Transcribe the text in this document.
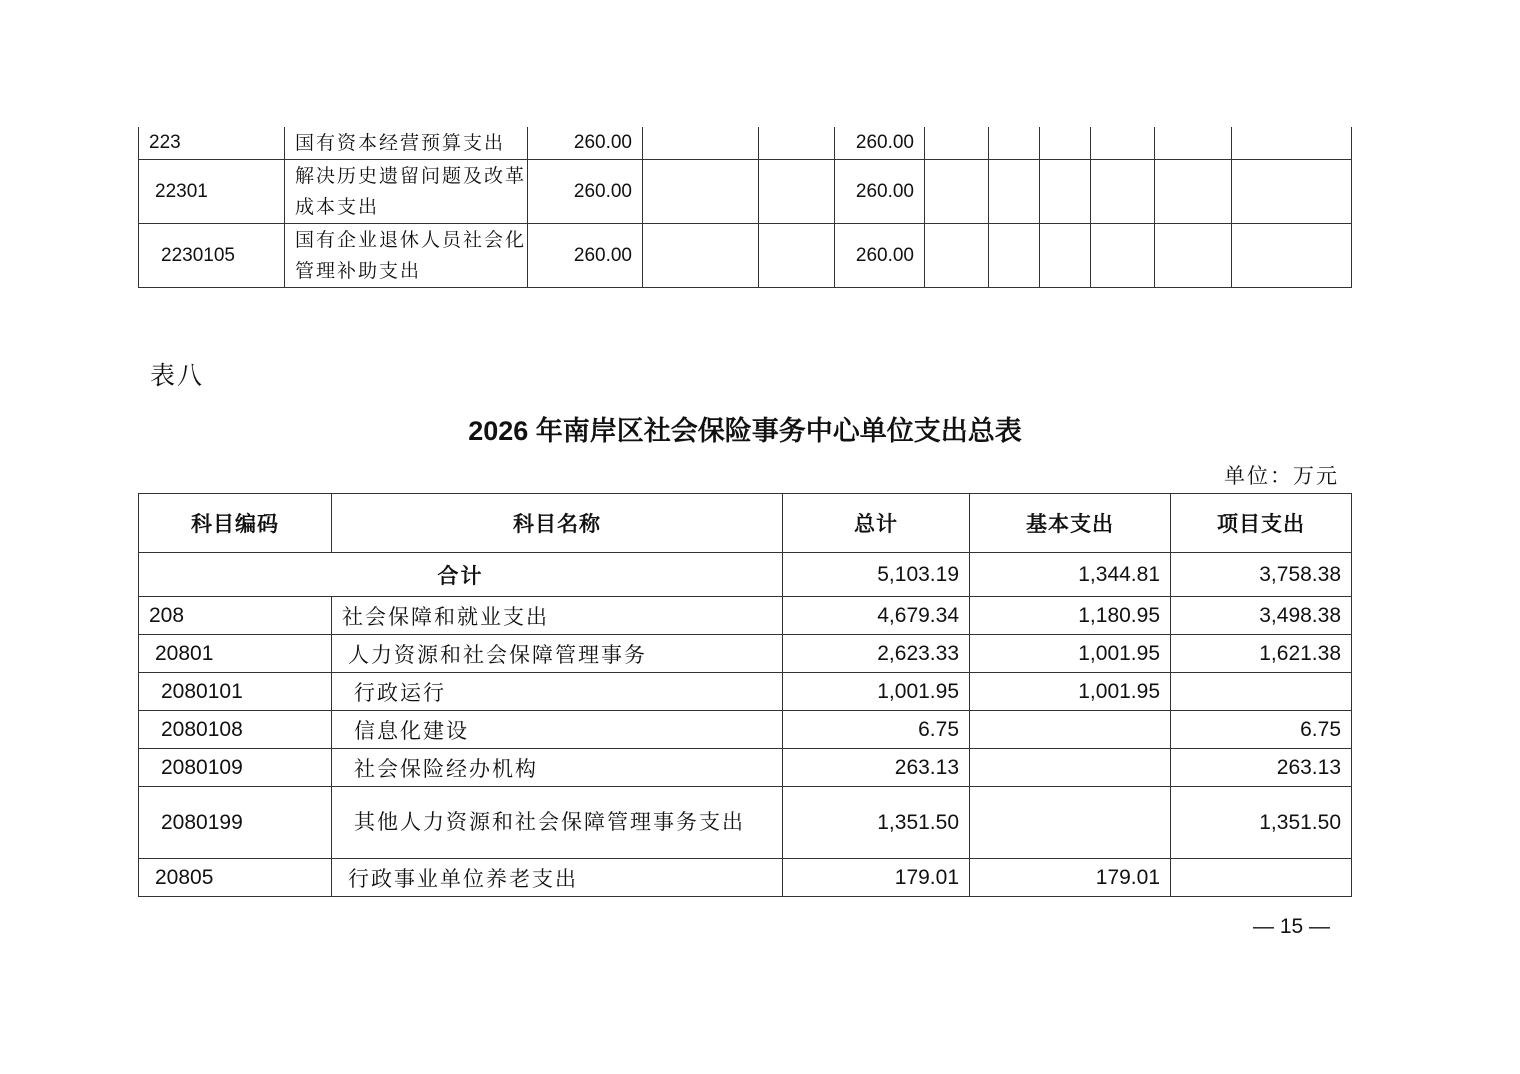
223	国有资本经营预算支出	260.00			260.00						
22301	解决历史遗留问题及改革成本支出	260.00			260.00						
2230105	国有企业退休人员社会化管理补助支出	260.00			260.00						
表八
2026 年南岸区社会保险事务中心单位支出总表
单位：万元
科目编码	科目名称	总计	基本支出	项目支出
合计		5,103.19	1,344.81	3,758.38
208	社会保障和就业支出	4,679.34	1,180.95	3,498.38
20801	人力资源和社会保障管理事务	2,623.33	1,001.95	1,621.38
2080101	行政运行	1,001.95	1,001.95	
2080108	信息化建设	6.75		6.75
2080109	社会保险经办机构	263.13		263.13
2080199	其他人力资源和社会保障管理事务支出	1,351.50		1,351.50
20805	行政事业单位养老支出	179.01	179.01	
— 15 —
